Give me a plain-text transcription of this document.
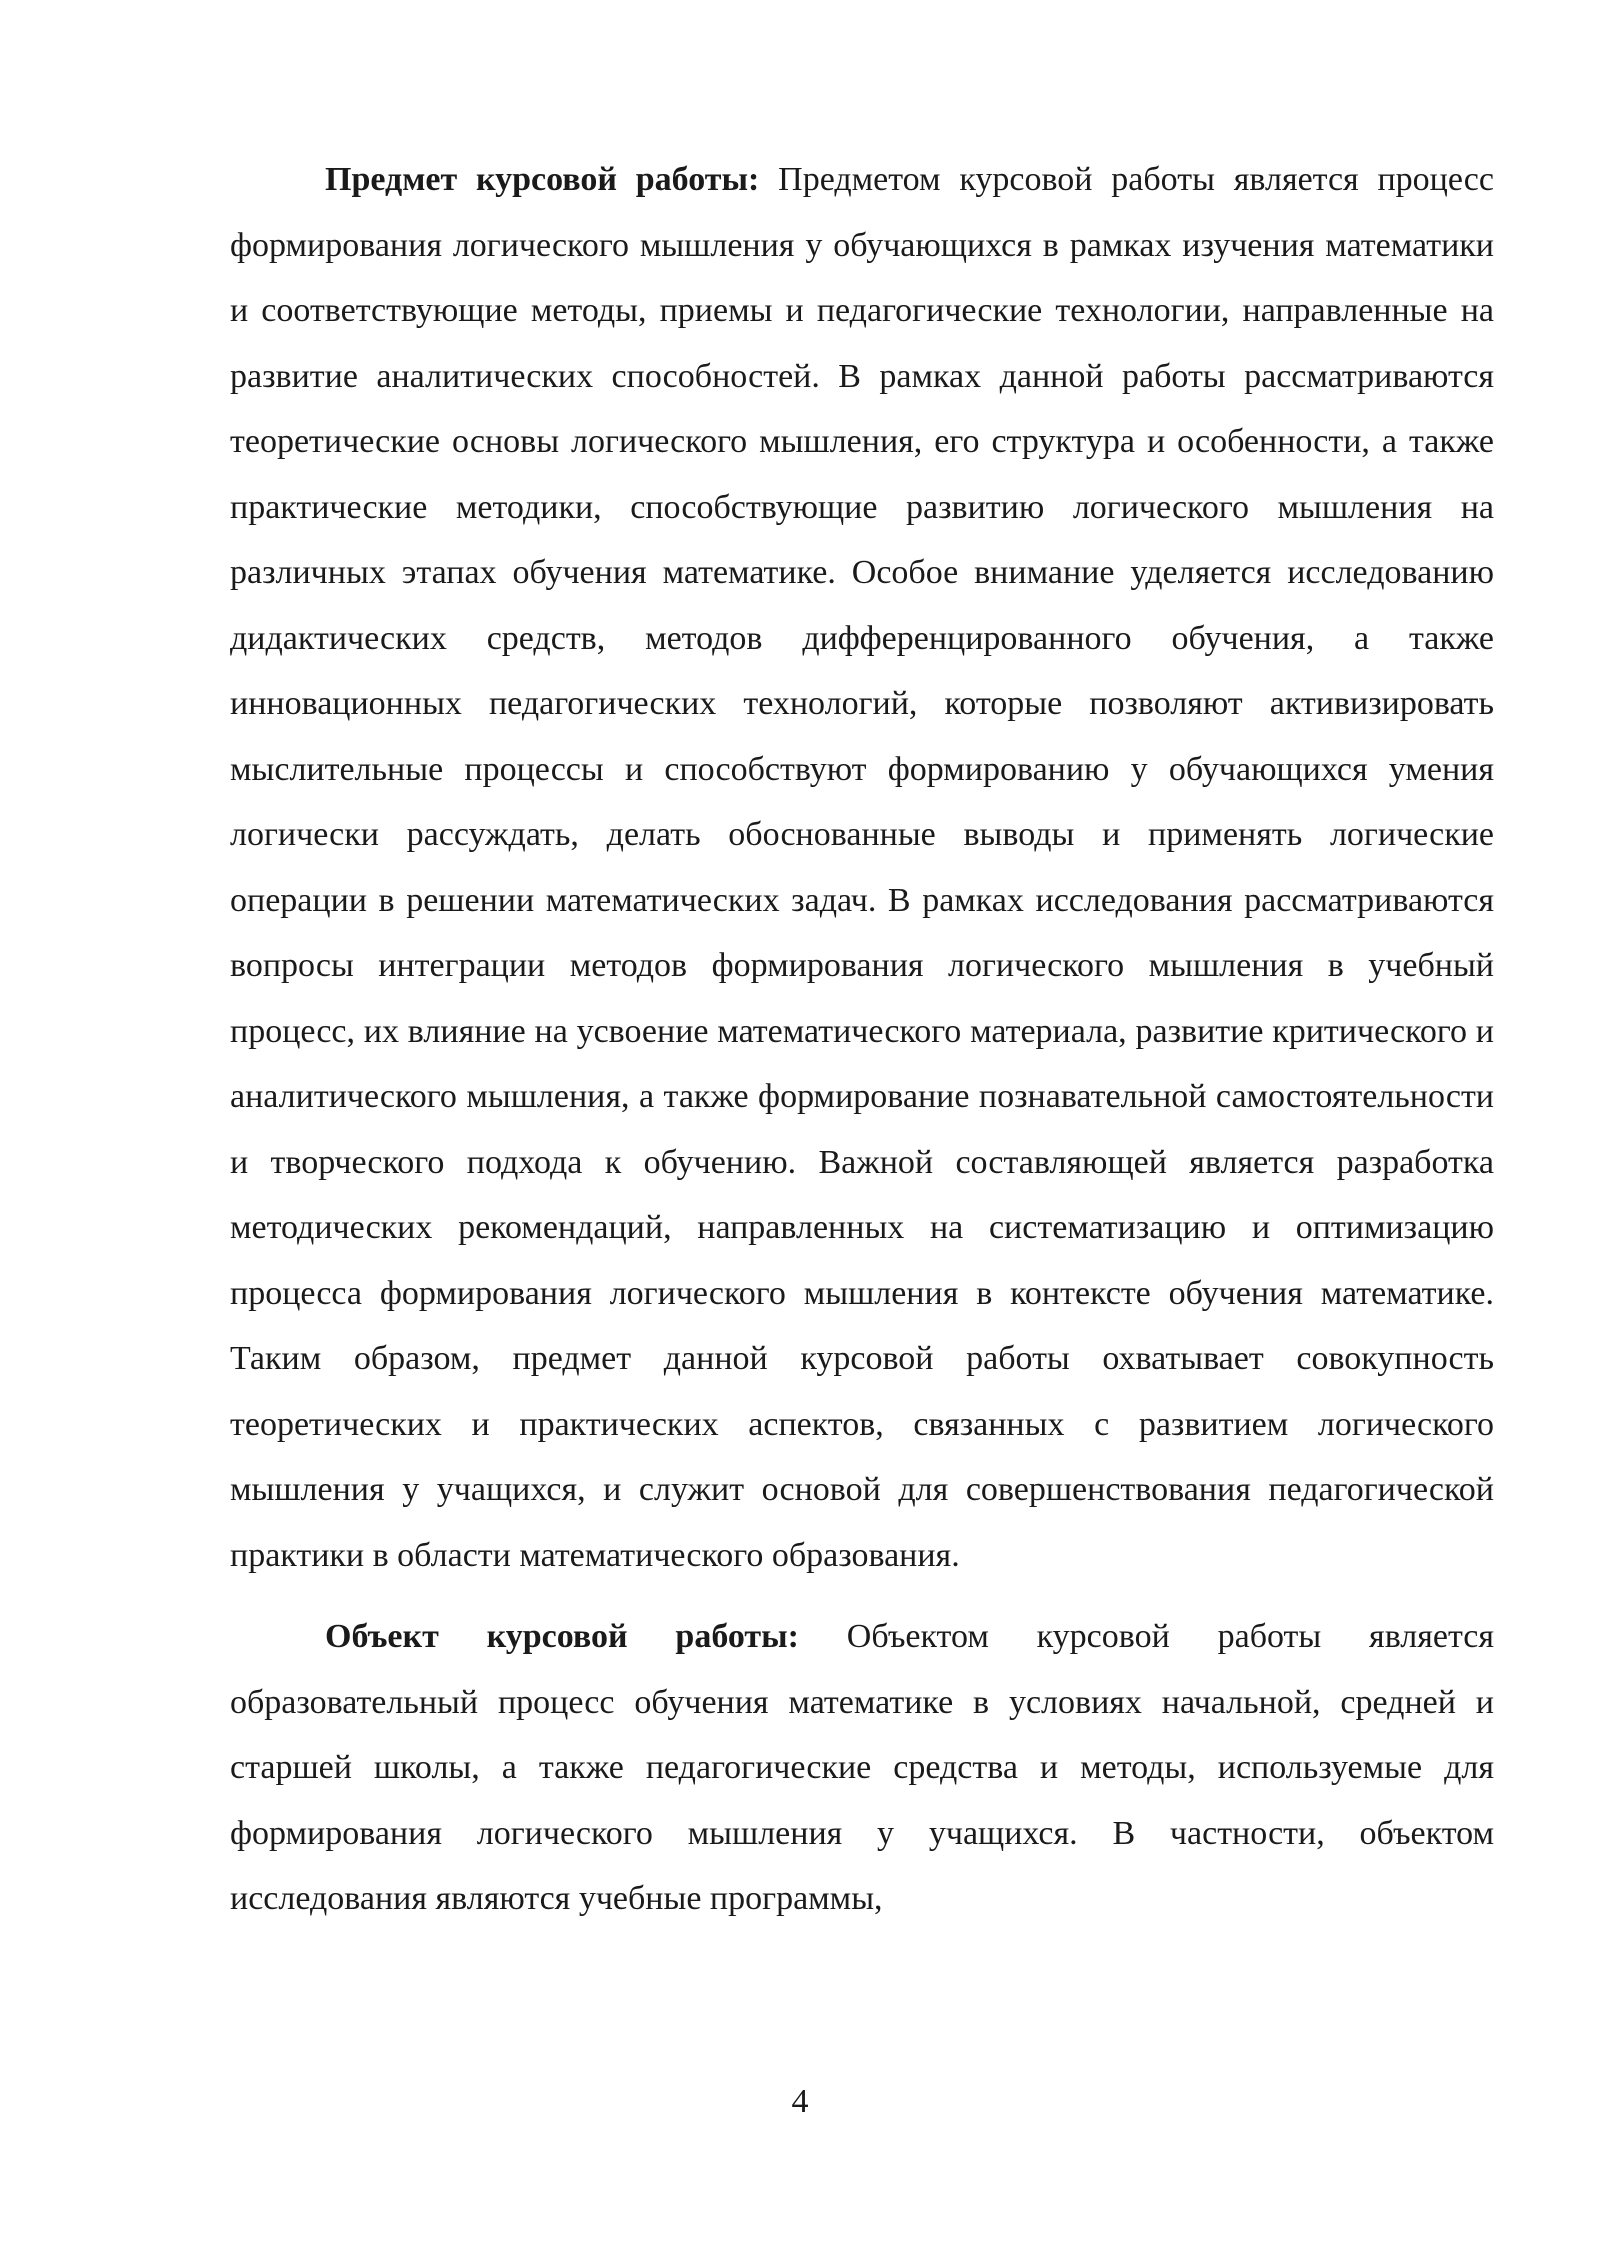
Предмет курсовой работы: Предметом курсовой работы является процесс формирования логического мышления у обучающихся в рамках изучения математики и соответствующие методы, приемы и педагогические технологии, направленные на развитие аналитических способностей. В рамках данной работы рассматриваются теоретические основы логического мышления, его структура и особенности, а также практические методики, способствующие развитию логического мышления на различных этапах обучения математике. Особое внимание уделяется исследованию дидактических средств, методов дифференцированного обучения, а также инновационных педагогических технологий, которые позволяют активизировать мыслительные процессы и способствуют формированию у обучающихся умения логически рассуждать, делать обоснованные выводы и применять логические операции в решении математических задач. В рамках исследования рассматриваются вопросы интеграции методов формирования логического мышления в учебный процесс, их влияние на усвоение математического материала, развитие критического и аналитического мышления, а также формирование познавательной самостоятельности и творческого подхода к обучению. Важной составляющей является разработка методических рекомендаций, направленных на систематизацию и оптимизацию процесса формирования логического мышления в контексте обучения математике. Таким образом, предмет данной курсовой работы охватывает совокупность теоретических и практических аспектов, связанных с развитием логического мышления у учащихся, и служит основой для совершенствования педагогической практики в области математического образования.

Объект курсовой работы: Объектом курсовой работы является образовательный процесс обучения математике в условиях начальной, средней и старшей школы, а также педагогические средства и методы, используемые для формирования логического мышления у учащихся. В частности, объектом исследования являются учебные программы,

4
